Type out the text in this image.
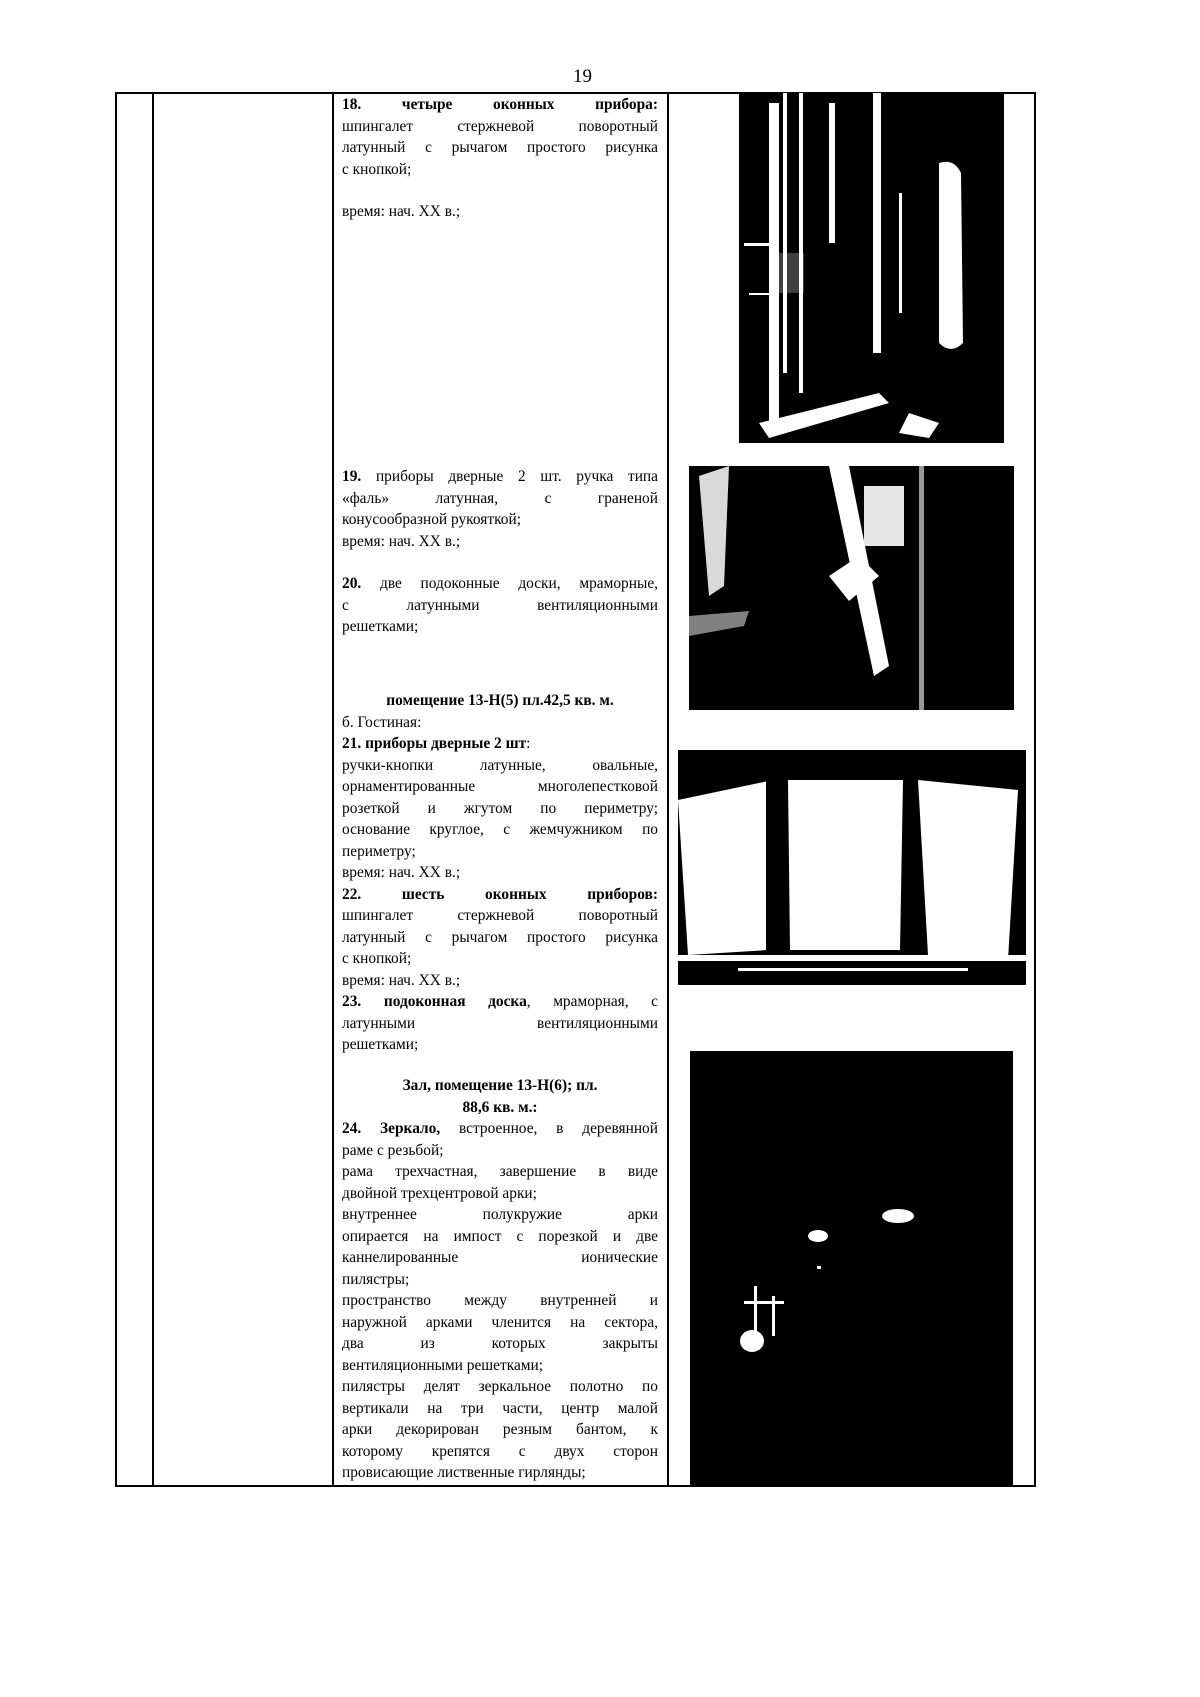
19
18.	четыре оконных прибора:
шпингалет стержневой поворотный
латунный с рычагом простого рисунка
с кнопкой;
время: нач. XX в.;
19. приборы дверные 2 шт. ручка типа
«фаль» латунная, с граненой
конусообразной рукояткой;
время: нач. XX в.;
20. две подоконные доски, мраморные,
с латунными вентиляционными
решетками;
помещение 13-Н(5) пл.42,5 кв. м.
б. Гостиная:
21. приборы дверные 2 шт:
ручки-кнопки латунные, овальные,
орнаментированные многолепестковой
розеткой и жгутом по периметру;
основание круглое, с жемчужником по
периметру;
время: нач. XX в.;
22. шесть оконных приборов:
шпингалет стержневой поворотный
латунный с рычагом простого рисунка
с кнопкой;
время: нач. XX в.;
23. подоконная доска, мраморная, с
латунными вентиляционными
решетками;
Зал, помещение 13-Н(6); пл.
88,6 кв. м.:
24. Зеркало, встроенное, в деревянной
раме с резьбой;
рама трехчастная, завершение в виде
двойной трехцентровой арки;
внутреннее полукружие арки
опирается на импост с порезкой и две
каннелированные ионические
пилястры;
пространство между внутренней и
наружной арками членится на сектора,
два из которых закрыты
вентиляционными решетками;
пилястры делят зеркальное полотно по
вертикали на три части, центр малой
арки декорирован резным бантом, к
которому крепятся с двух сторон
провисающие лиственные гирлянды;
